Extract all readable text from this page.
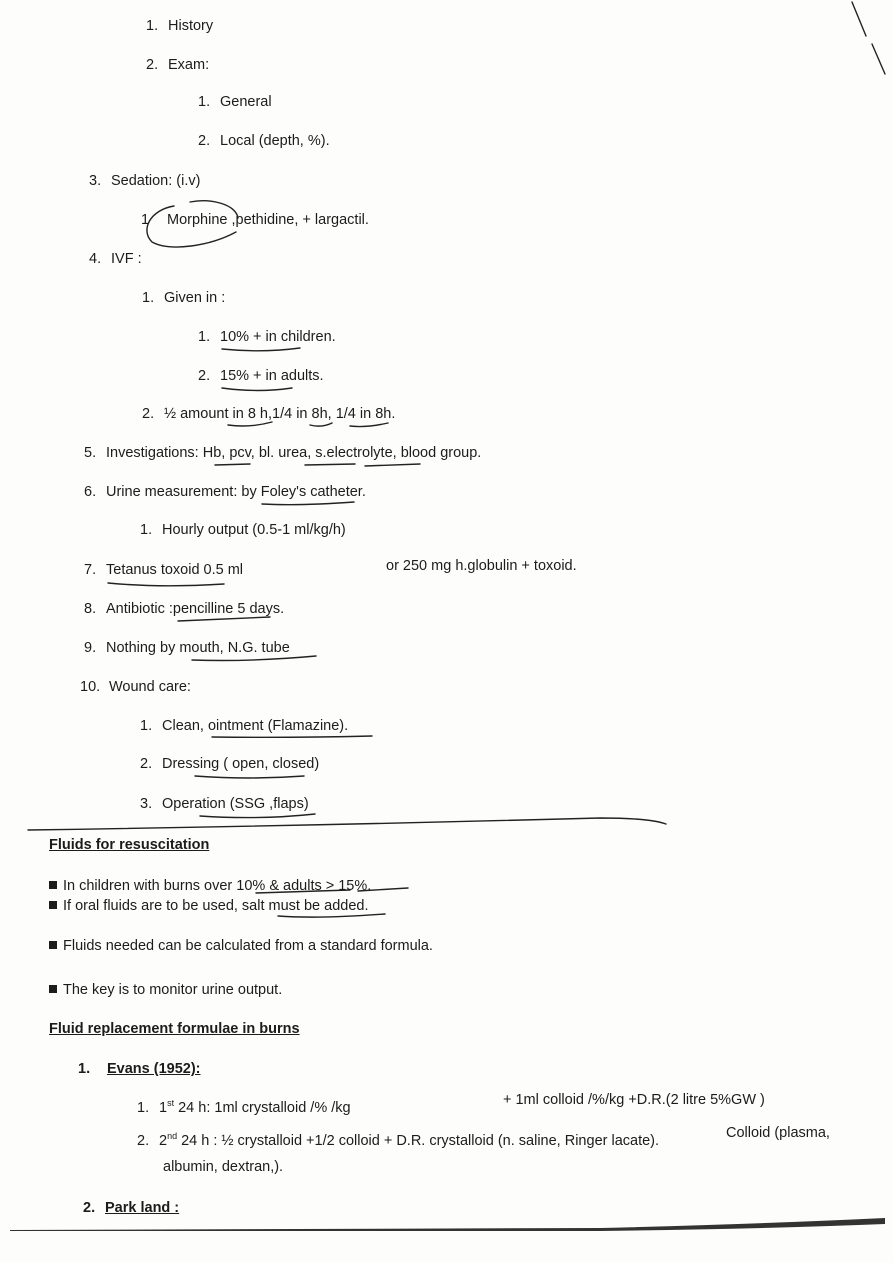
1. History
2. Exam:
1. General
2. Local (depth, %).
3. Sedation: (i.v)
1 Morphine ,pethidine, + largactil.
4. IVF :
1. Given in :
1. 10% + in children.
2. 15% + in adults.
2. ½ amount in 8 h,1/4 in 8h, 1/4 in 8h.
5. Investigations: Hb, pcv, bl. urea, s.electrolyte, blood group.
6. Urine measurement: by Foley's catheter.
1. Hourly output (0.5-1 ml/kg/h)
7. Tetanus toxoid 0.5 ml	or 250 mg h.globulin + toxoid.
8. Antibiotic :pencilline 5 days.
9. Nothing by mouth, N.G. tube
10. Wound care:
1. Clean, ointment (Flamazine).
2. Dressing ( open, closed)
3. Operation (SSG ,flaps)
Fluids for resuscitation
In children with burns over 10% & adults > 15%.
If oral fluids are to be used, salt must be added.
Fluids needed can be calculated from a standard formula.
The key is to monitor urine output.
Fluid replacement formulae in burns
1. Evans (1952):
1. 1st 24 h: 1ml crystalloid /% /kg	+ 1ml colloid /%/kg +D.R.(2 litre 5%GW )
2. 2nd 24 h : ½ crystalloid +1/2 colloid + D.R. crystalloid (n. saline, Ringer lacate).	Colloid (plasma,
albumin, dextran,).
2. Park land :
